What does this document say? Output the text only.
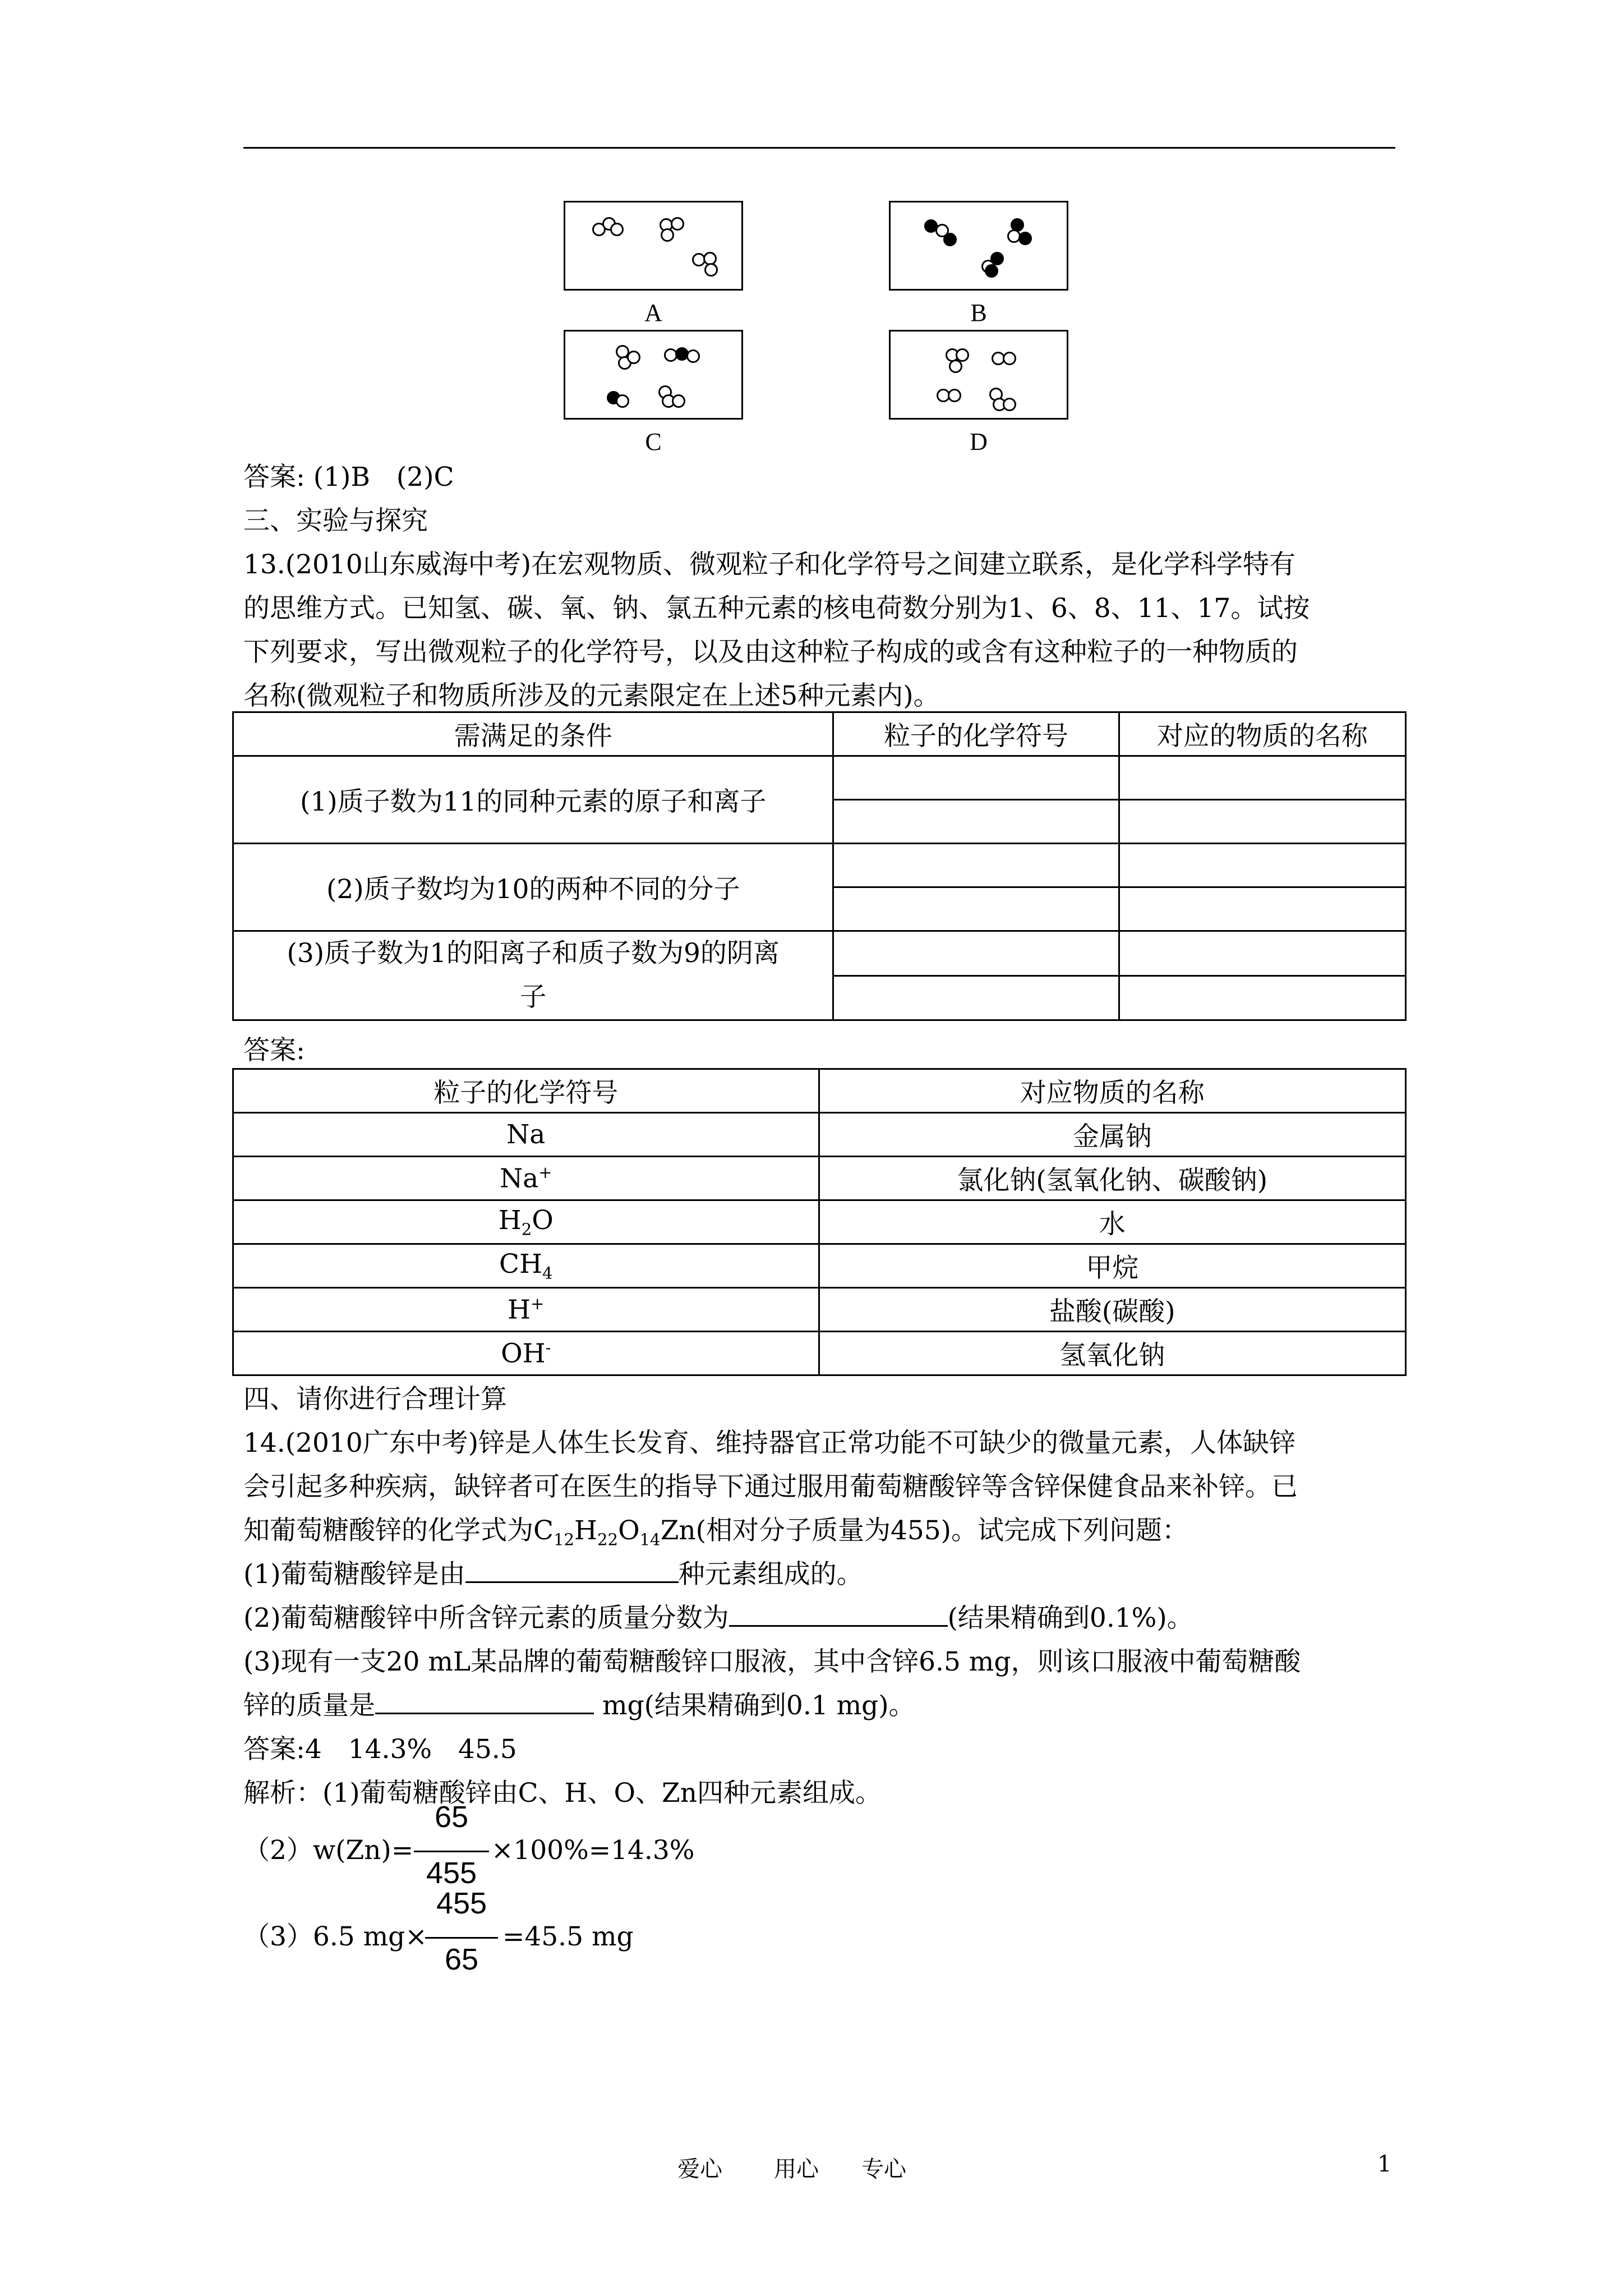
A	B
C	D
答案: (1)B　(2)C
三、实验与探究
13.(2010山东威海中考)在宏观物质、微观粒子和化学符号之间建立联系，是化学科学特有
的思维方式。已知氢、碳、氧、钠、氯五种元素的核电荷数分别为1、6、8、11、17。试按
下列要求，写出微观粒子的化学符号，以及由这种粒子构成的或含有这种粒子的一种物质的
名称(微观粒子和物质所涉及的元素限定在上述5种元素内)。
需满足的条件	粒子的化学符号	对应的物质的名称
(1)质子数为11的同种元素的原子和离子		

(2)质子数均为10的两种不同的分子		

(3)质子数为1的阳离子和质子数为9的阴离
子		

答案:
粒子的化学符号	对应物质的名称
Na	金属钠
Na+	氯化钠(氢氧化钠、碳酸钠)
$H_2O$	水
$CH_4$	甲烷
H+	盐酸(碳酸)
OH-	氢氧化钠
四、请你进行合理计算
14.(2010广东中考)锌是人体生长发育、维持器官正常功能不可缺少的微量元素，人体缺锌
会引起多种疾病，缺锌者可在医生的指导下通过服用葡萄糖酸锌等含锌保健食品来补锌。已
知葡萄糖酸锌的化学式为$C_{12}H_{22}O_{14}Zn$(相对分子质量为455)。试完成下列问题：
(1)葡萄糖酸锌是由	种元素组成的。
(2)葡萄糖酸锌中所含锌元素的质量分数为	(结果精确到0.1%)。
(3)现有一支20 mL某品牌的葡萄糖酸锌口服液，其中含锌6.5 mg，则该口服液中葡萄糖酸
锌的质量是	mg(结果精确到0.1 mg)。
答案:4　14.3%　45.5
解析：(1)葡萄糖酸锌由C、H、O、Zn四种元素组成。
（2）w(Zn)=
65
455
×100%=14.3%
（3）6.5 mg×
455
65
=45.5 mg
爱心 用心 专心	1
